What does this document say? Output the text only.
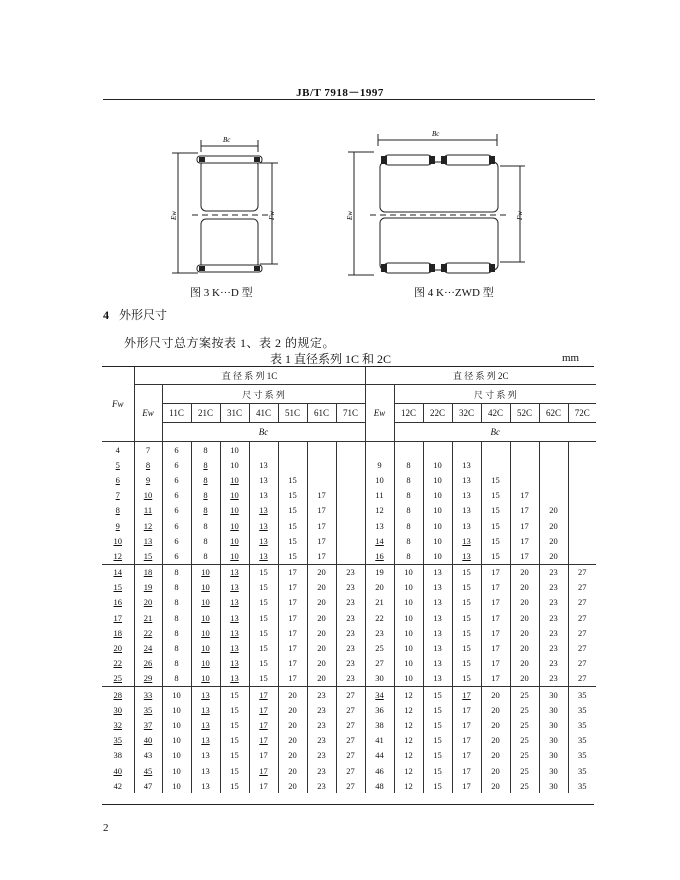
JB/T 7918－1997
Bc
Ew	Fw
图 3 K···D 型
Bc
Ew	Fw
图 4 K···ZWD 型
4 外形尺寸
外形尺寸总方案按表 1、表 2 的规定。
表 1 直径系列 1C 和 2C	mm
Fw	直 径 系 列 1C								直 径 系 列 2C							
	Ew	尺 寸 系 列							Ew	尺 寸 系 列						
		11C	21C	31C	41C	51C	61C	71C		12C	22C	32C	42C	52C	62C	72C
		Bc								Bc						
4	7	6	8	10												
5	8	6	8	10	13				9	8	10	13				
6	9	6	8	10	13	15			10	8	10	13	15			
7	10	6	8	10	13	15	17		11	8	10	13	15	17		
8	11	6	8	10	13	15	17		12	8	10	13	15	17	20	
9	12	6	8	10	13	15	17		13	8	10	13	15	17	20	
10	13	6	8	10	13	15	17		14	8	10	13	15	17	20	
12	15	6	8	10	13	15	17		16	8	10	13	15	17	20	
14	18	8	10	13	15	17	20	23	19	10	13	15	17	20	23	27
15	19	8	10	13	15	17	20	23	20	10	13	15	17	20	23	27
16	20	8	10	13	15	17	20	23	21	10	13	15	17	20	23	27
17	21	8	10	13	15	17	20	23	22	10	13	15	17	20	23	27
18	22	8	10	13	15	17	20	23	23	10	13	15	17	20	23	27
20	24	8	10	13	15	17	20	23	25	10	13	15	17	20	23	27
22	26	8	10	13	15	17	20	23	27	10	13	15	17	20	23	27
25	29	8	10	13	15	17	20	23	30	10	13	15	17	20	23	27
28	33	10	13	15	17	20	23	27	34	12	15	17	20	25	30	35
30	35	10	13	15	17	20	23	27	36	12	15	17	20	25	30	35
32	37	10	13	15	17	20	23	27	38	12	15	17	20	25	30	35
35	40	10	13	15	17	20	23	27	41	12	15	17	20	25	30	35
38	43	10	13	15	17	20	23	27	44	12	15	17	20	25	30	35
40	45	10	13	15	17	20	23	27	46	12	15	17	20	25	30	35
42	47	10	13	15	17	20	23	27	48	12	15	17	20	25	30	35
2
